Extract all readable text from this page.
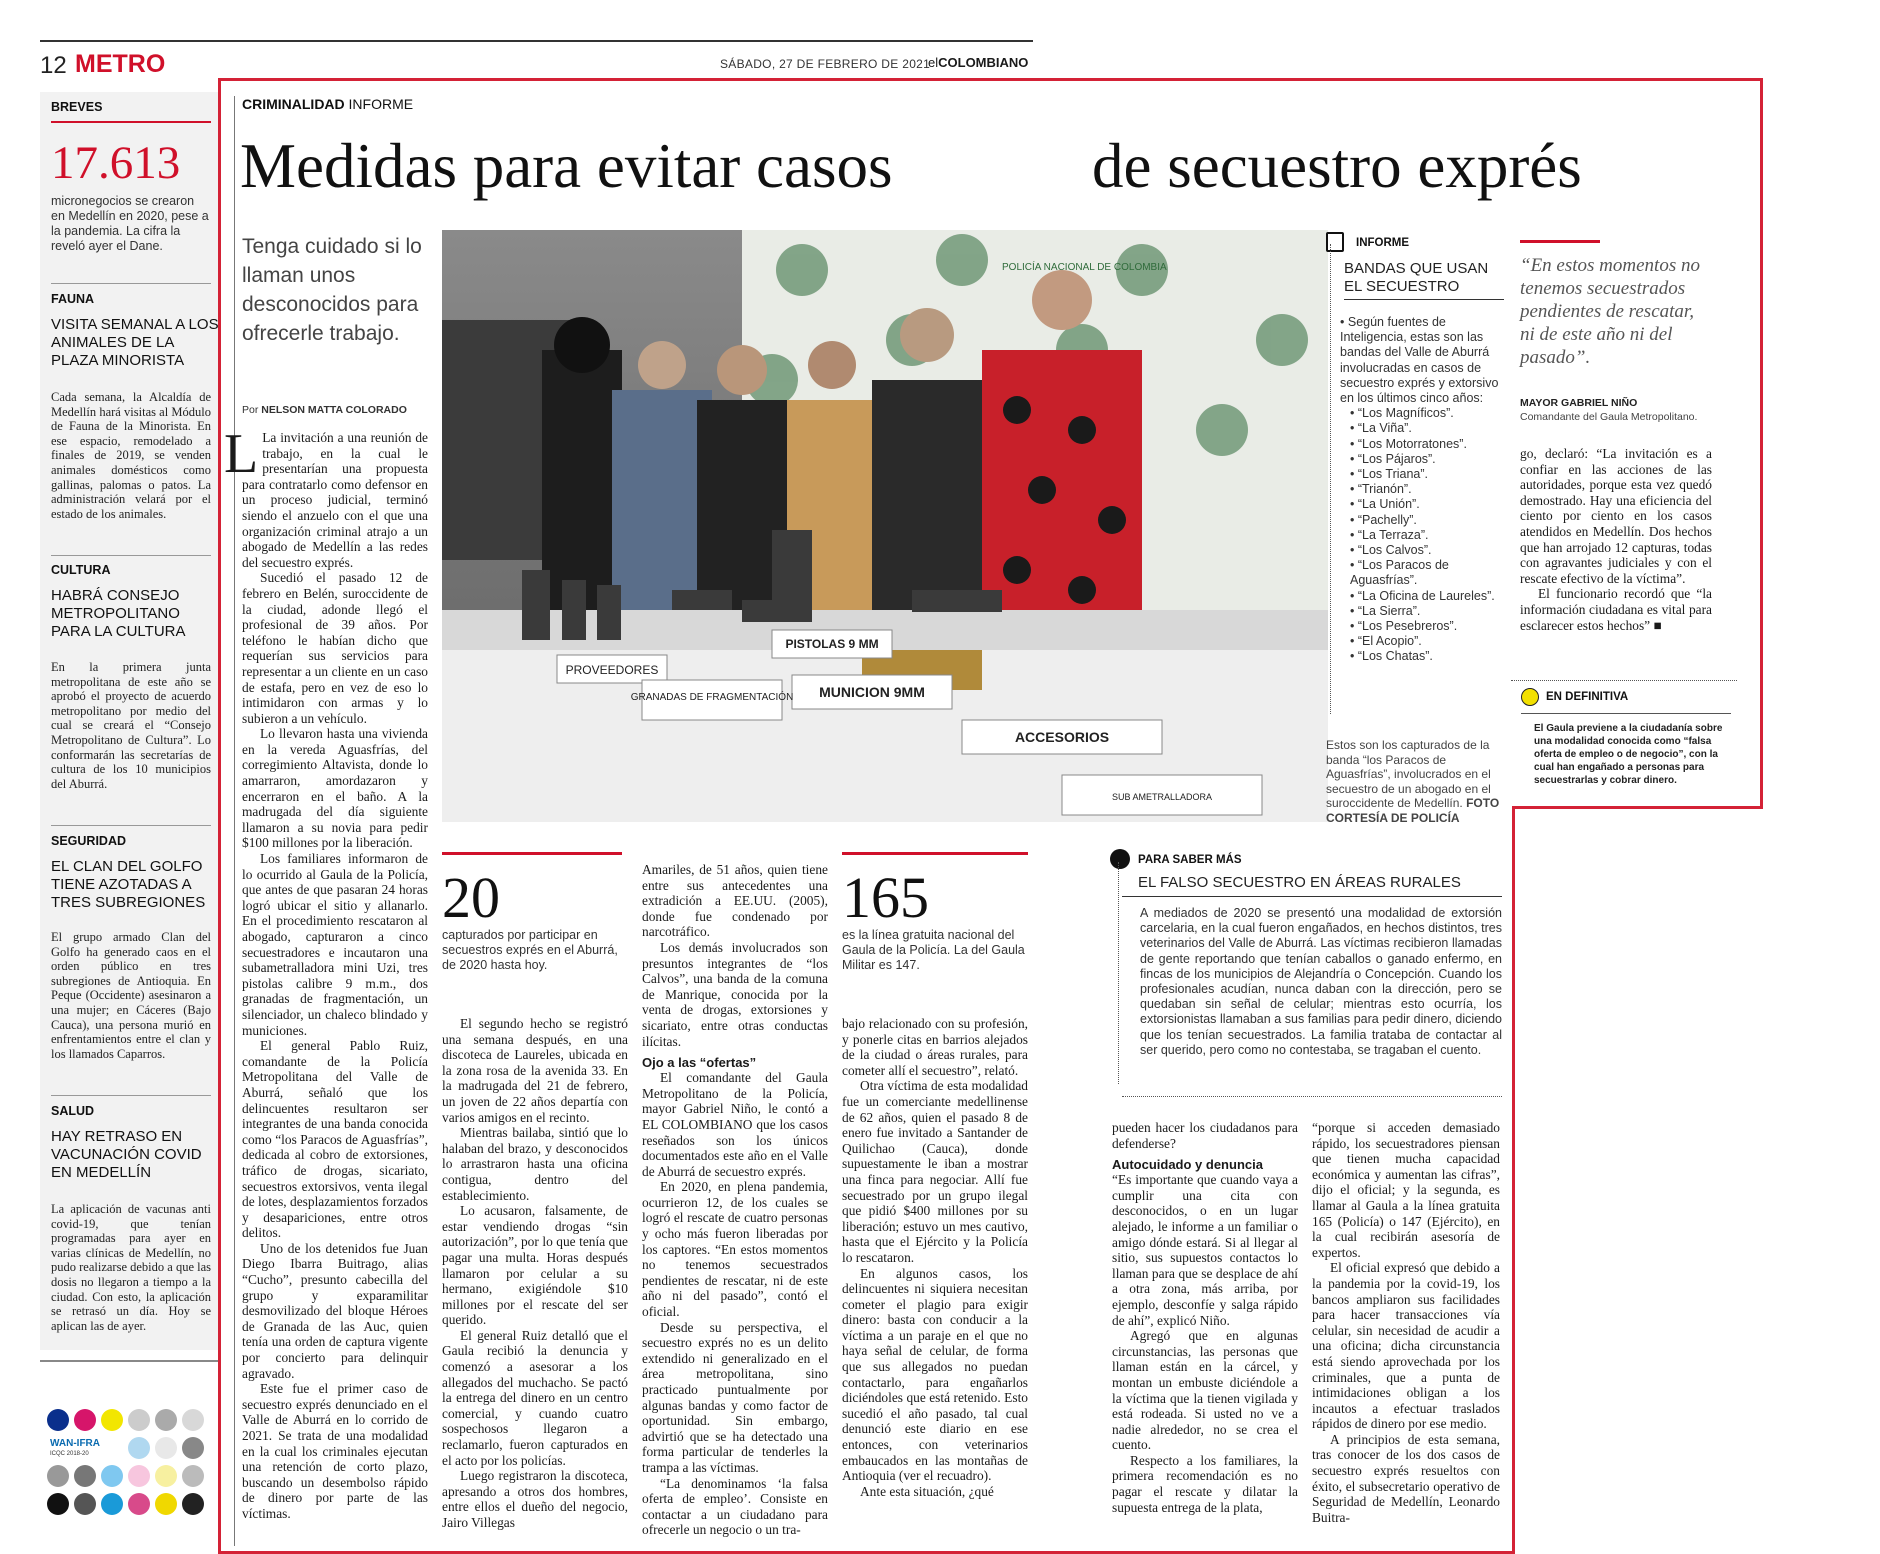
12 METRO	SÁBADO, 27 DE FEBRERO DE 2021
elCOLOMBIANO
BREVES
17.613
micronegocios se crearon en Medellín en 2020, pese a la pandemia. La cifra la reveló ayer el Dane.
FAUNA
VISITA SEMANAL A LOS ANIMALES DE LA PLAZA MINORISTA
Cada semana, la Alcaldía de Medellín hará visitas al Módulo de Fauna de la Minorista. En ese espacio, remodelado a finales de 2019, se venden animales domésticos como gallinas, palomas o patos. La administración velará por el estado de los animales.
CULTURA
HABRÁ CONSEJO METROPOLITANO PARA LA CULTURA
En la primera junta metropolitana de este año se aprobó el proyecto de acuerdo metropolitano por medio del cual se creará el “Consejo Metropolitano de Cultura”. Lo conformarán las secretarías de cultura de los 10 municipios del Aburrá.
SEGURIDAD
EL CLAN DEL GOLFO TIENE AZOTADAS A TRES SUBREGIONES
El grupo armado Clan del Golfo ha generado caos en el orden público en tres subregiones de Antioquia. En Peque (Occidente) asesinaron a una mujer; en Cáceres (Bajo Cauca), una persona murió en enfrentamientos entre el clan y los llamados Caparros.
SALUD
HAY RETRASO EN VACUNACIÓN COVID EN MEDELLÍN
La aplicación de vacunas anti covid-19, que tenían programadas para ayer en varias clínicas de Medellín, no pudo realizarse debido a que las dosis no llegaron a tiempo a la ciudad. Con esto, la aplicación se retrasó un día. Hoy se aplican las de ayer.
WAN-IFRA
ICQC 2018-20
CRIMINALIDAD INFORME
Medidas para evitar casos	de secuestro exprés
Tenga cuidado si lo llaman unos desconocidos para ofrecerle trabajo.
Por NELSON MATTA COLORADO

L La invitación a una reunión de trabajo, en la cual le presentarían una propuesta para contratarlo como defensor en un proceso judicial, terminó siendo el anzuelo con el que una organización criminal atrajo a un abogado de Medellín a las redes del secuestro exprés.

Sucedió el pasado 12 de febrero en Belén, suroccidente de la ciudad, adonde llegó el profesional de 39 años. Por teléfono le habían dicho que requerían sus servicios para representar a un cliente en un caso de estafa, pero en vez de eso lo intimidaron con armas y lo subieron a un vehículo.

Lo llevaron hasta una vivienda en la vereda Aguasfrías, del corregimiento Altavista, donde lo amarraron, amordazaron y encerraron en el baño. A la madrugada del día siguiente llamaron a su novia para pedir $100 millones por la liberación.

Los familiares informaron de lo ocurrido al Gaula de la Policía, que antes de que pasaran 24 horas logró ubicar el sitio y allanarlo. En el procedimiento rescataron al abogado, capturaron a cinco secuestradores e incautaron una subametralladora mini Uzi, tres pistolas calibre 9 m.m., dos granadas de fragmentación, un silenciador, un chaleco blindado y municiones.

El general Pablo Ruiz, comandante de la Policía Metropolitana del Valle de Aburrá, señaló que los delincuentes resultaron ser integrantes de una banda conocida como “los Paracos de Aguasfrías”, dedicada al cobro de extorsiones, tráfico de drogas, sicariato, secuestros extorsivos, venta ilegal de lotes, desplazamientos forzados y desapariciones, entre otros delitos.

Uno de los detenidos fue Juan Diego Ibarra Buitrago, alias “Cucho”, presunto cabecilla del grupo y exparamilitar desmovilizado del bloque Héroes de Granada de las Auc, quien tenía una orden de captura vigente por concierto para delinquir agravado.

Este fue el primer caso de secuestro exprés denunciado en el Valle de Aburrá en lo corrido de 2021. Se trata de una modalidad en la cual los criminales ejecutan una retención de corto plazo, buscando un desembolso rápido de dinero por parte de las víctimas.

PROVEEDORES
GRANADAS DE FRAGMENTACIÓN
PISTOLAS 9 MM
MUNICION 9MM
ACCESORIOS
SUB AMETRALLADORA
POLICÍA NACIONAL DE COLOMBIA
Estos son los capturados de la banda “los Paracos de Aguasfrías”, involucrados en el secuestro de un abogado en el suroccidente de Medellín. FOTO CORTESÍA DE POLICÍA
INFORME
BANDAS QUE USAN EL SECUESTRO
• Según fuentes de Inteligencia, estas son las bandas del Valle de Aburrá involucradas en casos de secuestro exprés y extorsivo en los últimos cinco años:
• “Los Magníficos”.
• “La Viña”.
• “Los Motorratones”.
• “Los Pájaros”.
• “Los Triana”.
• “Trianón”.
• “La Unión”.
• “Pachelly”.
• “La Terraza”.
• “Los Calvos”.
• “Los Paracos de Aguasfrías”.
• “La Oficina de Laureles”.
• “La Sierra”.
• “Los Pesebreros”.
• “El Acopio”.
• “Los Chatas”.
“En estos momentos no tenemos secuestrados pendientes de rescatar, ni de este año ni del pasado”.
MAYOR GABRIEL NIÑO
Comandante del Gaula Metropolitano.

go, declaró: “La invitación es a confiar en las acciones de las autoridades, porque esta vez quedó demostrado. Hay una eficiencia del ciento por ciento en los casos atendidos en Medellín. Dos hechos que han arrojado 12 capturas, todas con agravantes judiciales y con el rescate efectivo de la víctima”.

El funcionario recordó que “la información ciudadana es vital para esclarecer estos hechos” ■

EN DEFINITIVA
El Gaula previene a la ciudadanía sobre una modalidad conocida como “falsa oferta de empleo o de negocio”, con la cual han engañado a personas para secuestrarlas y cobrar dinero.
20
capturados por participar en secuestros exprés en el Aburrá, de 2020 hasta hoy.

El segundo hecho se registró una semana después, en una discoteca de Laureles, ubicada en la zona rosa de la avenida 33. En la madrugada del 21 de febrero, un joven de 22 años departía con varios amigos en el recinto.

Mientras bailaba, sintió que lo halaban del brazo, y desconocidos lo arrastraron hasta una oficina contigua, dentro del establecimiento.

Lo acusaron, falsamente, de estar vendiendo drogas “sin autorización”, por lo que tenía que pagar una multa. Horas después llamaron por celular a su hermano, exigiéndole $10 millones por el rescate del ser querido.

El general Ruiz detalló que el Gaula recibió la denuncia y comenzó a asesorar a los allegados del muchacho. Se pactó la entrega del dinero en un centro comercial, y cuando cuatro sospechosos llegaron a reclamarlo, fueron capturados en el acto por los policías.

Luego registraron la discoteca, apresando a otros dos hombres, entre ellos el dueño del negocio, Jairo Villegas

Amariles, de 51 años, quien tiene entre sus antecedentes una extradición a EE.UU. (2005), donde fue condenado por narcotráfico.

Los demás involucrados son presuntos integrantes de “los Calvos”, una banda de la comuna de Manrique, conocida por la venta de drogas, extorsiones y sicariato, entre otras conductas ilícitas.

Ojo a las “ofertas”

El comandante del Gaula Metropolitano de la Policía, mayor Gabriel Niño, le contó a EL COLOMBIANO que los casos reseñados son los únicos documentados este año en el Valle de Aburrá de secuestro exprés.

En 2020, en plena pandemia, ocurrieron 12, de los cuales se logró el rescate de cuatro personas y ocho más fueron liberadas por los captores. “En estos momentos no tenemos secuestrados pendientes de rescatar, ni de este año ni del pasado”, contó el oficial.

Desde su perspectiva, el secuestro exprés no es un delito extendido ni generalizado en el área metropolitana, sino practicado puntualmente por algunas bandas y como factor de oportunidad. Sin embargo, advirtió que se ha detectado una forma particular de tenderles la trampa a las víctimas.

“La denominamos ‘la falsa oferta de empleo’. Consiste en contactar a un ciudadano para ofrecerle un negocio o un tra-

165
es la línea gratuita nacional del Gaula de la Policía. La del Gaula Militar es 147.

bajo relacionado con su profesión, y ponerle citas en barrios alejados de la ciudad o áreas rurales, para cometer allí el secuestro”, relató.

Otra víctima de esta modalidad fue un comerciante medellinense de 62 años, quien el pasado 8 de enero fue invitado a Santander de Quilichao (Cauca), donde supuestamente le iban a mostrar una finca para negociar. Allí fue secuestrado por un grupo ilegal que pidió $400 millones por su liberación; estuvo un mes cautivo, hasta que el Ejército y la Policía lo rescataron.

En algunos casos, los delincuentes ni siquiera necesitan cometer el plagio para exigir dinero: basta con conducir a la víctima a un paraje en el que no haya señal de celular, de forma que sus allegados no puedan contactarlo, para engañarlos diciéndoles que está retenido. Esto sucedió el año pasado, tal cual denunció este diario en ese entonces, con veterinarios embaucados en las montañas de Antioquia (ver el recuadro).

Ante esta situación, ¿qué

PARA SABER MÁS
EL FALSO SECUESTRO EN ÁREAS RURALES
A mediados de 2020 se presentó una modalidad de extorsión carcelaria, en la cual fueron engañados, en hechos distintos, tres veterinarios del Valle de Aburrá. Las víctimas recibieron llamadas de gente reportando que tenían caballos o ganado enfermo, en fincas de los municipios de Alejandría o Concepción. Cuando los profesionales acudían, nunca daban con la dirección, pero se quedaban sin señal de celular; mientras esto ocurría, los extorsionistas llamaban a sus familias para pedir dinero, diciendo que los tenían secuestrados. La familia trataba de contactar al ser querido, pero como no contestaba, se tragaban el cuento.

pueden hacer los ciudadanos para defenderse?

Autocuidado y denuncia

“Es importante que cuando vaya a cumplir una cita con desconocidos, o en un lugar alejado, le informe a un familiar o amigo dónde estará. Si al llegar al sitio, sus supuestos contactos lo llaman para que se desplace de ahí a otra zona, más arriba, por ejemplo, desconfíe y salga rápido de ahí”, explicó Niño.

Agregó que en algunas circunstancias, las personas que llaman están en la cárcel, y montan un embuste diciéndole a la víctima que la tienen vigilada y está rodeada. Si usted no ve a nadie alrededor, no se crea el cuento.

Respecto a los familiares, la primera recomendación es no pagar el rescate y dilatar la supuesta entrega de la plata,

“porque si acceden demasiado rápido, los secuestradores piensan que tienen mucha capacidad económica y aumentan las cifras”, dijo el oficial; y la segunda, es llamar al Gaula a la línea gratuita 165 (Policía) o 147 (Ejército), en la cual recibirán asesoría de expertos.

El oficial expresó que debido a la pandemia por la covid-19, los bancos ampliaron sus facilidades para hacer transacciones vía celular, sin necesidad de acudir a una oficina; dicha circunstancia está siendo aprovechada por los criminales, que a punta de intimidaciones obligan a los incautos a efectuar traslados rápidos de dinero por ese medio.

A principios de esta semana, tras conocer de los dos casos de secuestro exprés resueltos con éxito, el subsecretario operativo de Seguridad de Medellín, Leonardo Buitra-
